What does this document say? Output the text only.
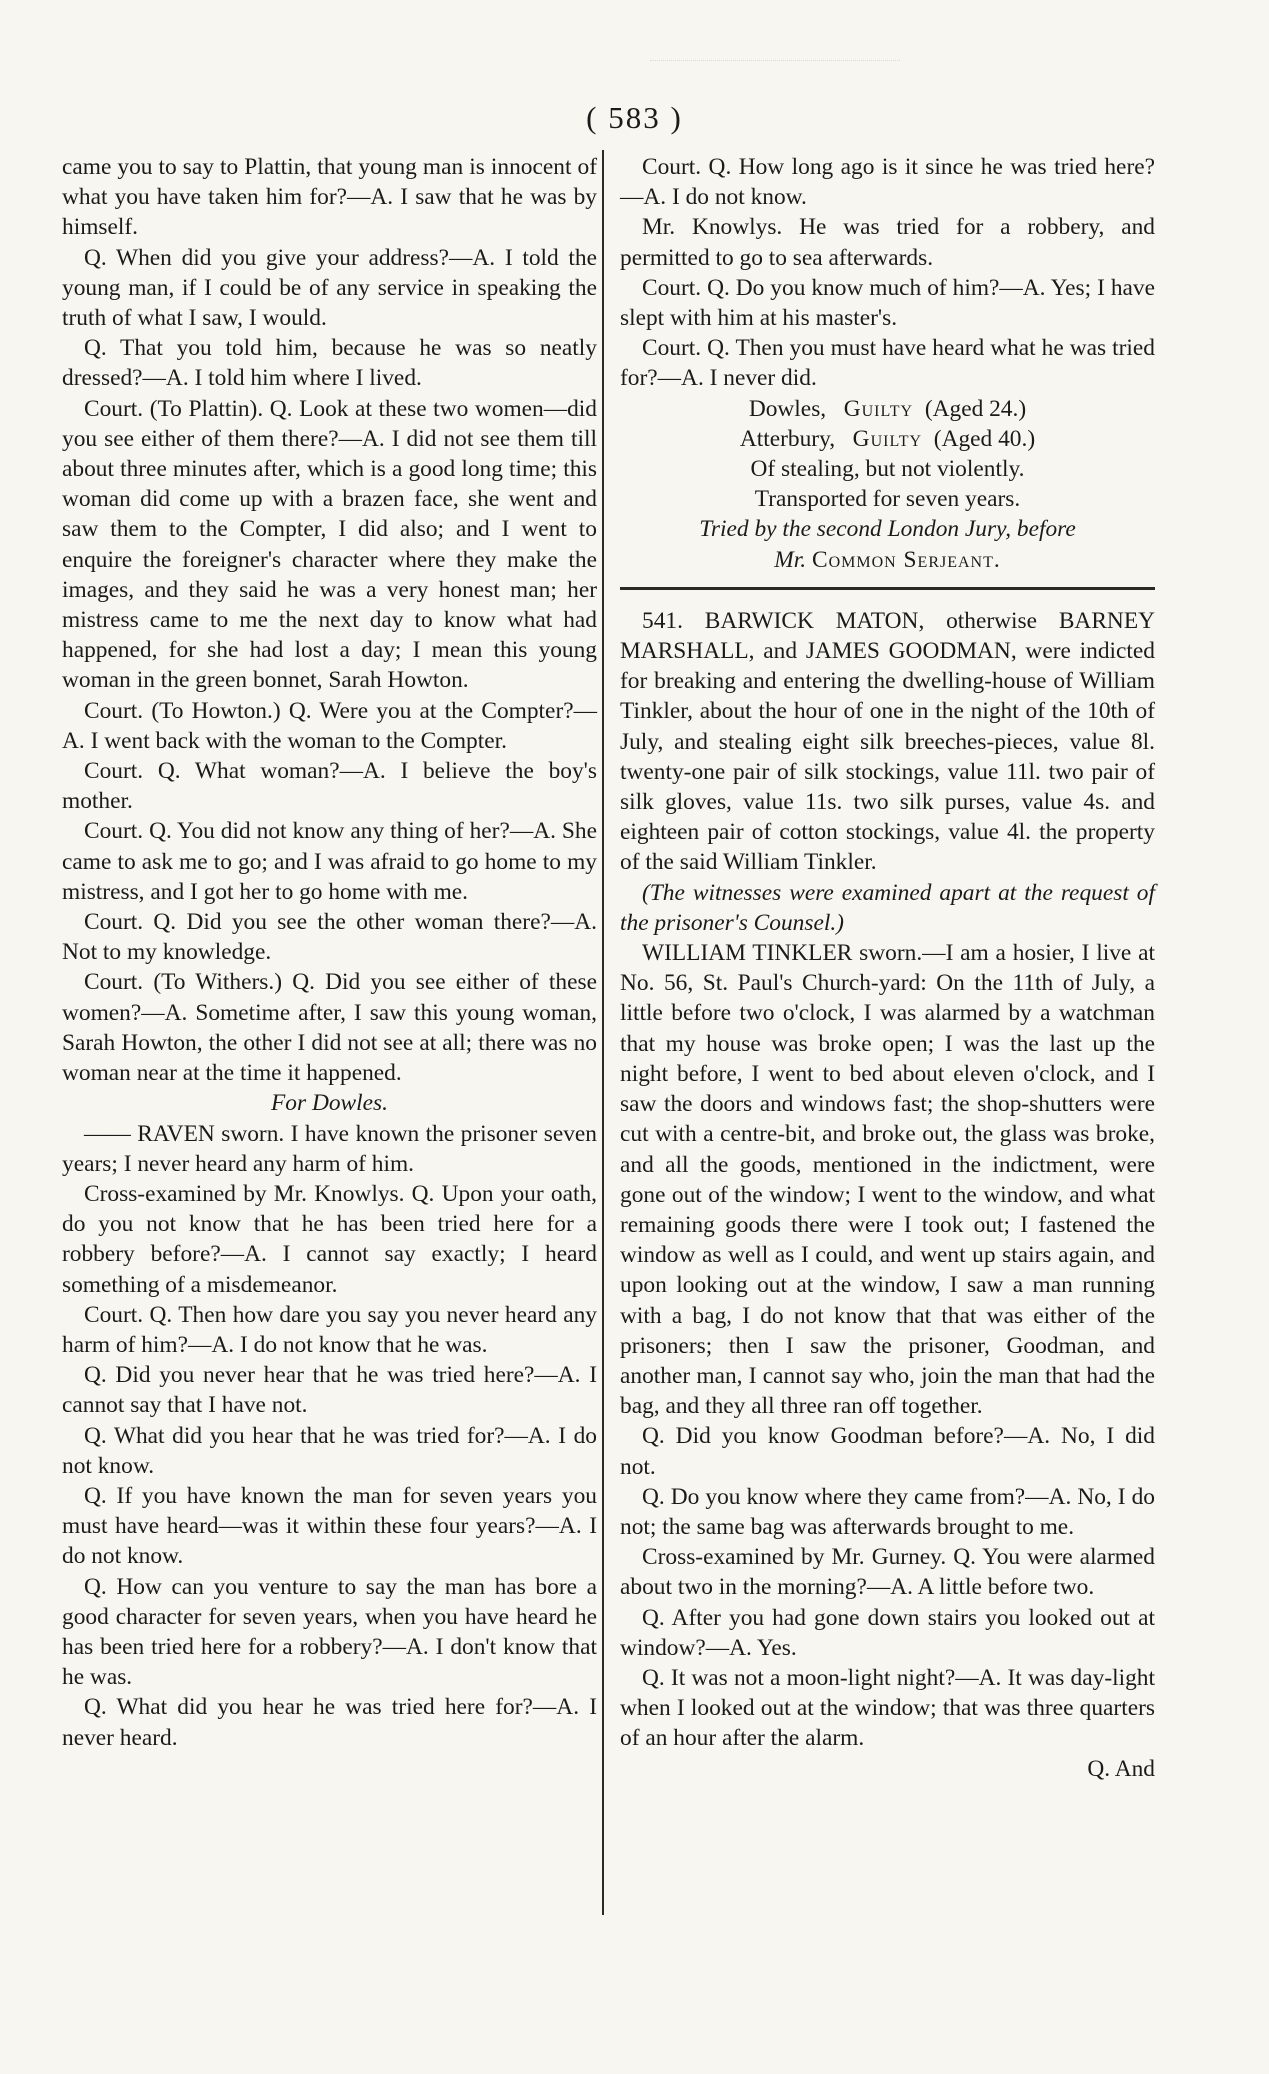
( 583 )

came you to say to Plattin, that young man is innocent of what you have taken him for?—A. I saw that he was by himself.

Q. When did you give your address?—A. I told the young man, if I could be of any service in speaking the truth of what I saw, I would.

Q. That you told him, because he was so neatly dressed?—A. I told him where I lived.

Court. (To Plattin). Q. Look at these two women—did you see either of them there?—A. I did not see them till about three minutes after, which is a good long time; this woman did come up with a brazen face, she went and saw them to the Compter, I did also; and I went to enquire the foreigner's character where they make the images, and they said he was a very honest man; her mistress came to me the next day to know what had happened, for she had lost a day; I mean this young woman in the green bonnet, Sarah Howton.

Court. (To Howton.) Q. Were you at the Compter?—A. I went back with the woman to the Compter.

Court. Q. What woman?—A. I believe the boy's mother.

Court. Q. You did not know any thing of her?—A. She came to ask me to go; and I was afraid to go home to my mistress, and I got her to go home with me.

Court. Q. Did you see the other woman there?—A. Not to my knowledge.

Court. (To Withers.) Q. Did you see either of these women?—A. Sometime after, I saw this young woman, Sarah Howton, the other I did not see at all; there was no woman near at the time it happened.

For Dowles.

—— RAVEN sworn. I have known the prisoner seven years; I never heard any harm of him.

Cross-examined by Mr. Knowlys. Q. Upon your oath, do you not know that he has been tried here for a robbery before?—A. I cannot say exactly; I heard something of a misdemeanor.

Court. Q. Then how dare you say you never heard any harm of him?—A. I do not know that he was.

Q. Did you never hear that he was tried here?—A. I cannot say that I have not.

Q. What did you hear that he was tried for?—A. I do not know.

Q. If you have known the man for seven years you must have heard—was it within these four years?—A. I do not know.

Q. How can you venture to say the man has bore a good character for seven years, when you have heard he has been tried here for a robbery?—A. I don't know that he was.

Q. What did you hear he was tried here for?—A. I never heard.

Court. Q. How long ago is it since he was tried here?—A. I do not know.

Mr. Knowlys. He was tried for a robbery, and permitted to go to sea afterwards.

Court. Q. Do you know much of him?—A. Yes; I have slept with him at his master's.

Court. Q. Then you must have heard what he was tried for?—A. I never did.

Dowles, Guilty (Aged 24.)
Atterbury, Guilty (Aged 40.)
Of stealing, but not violently.
Transported for seven years.
Tried by the second London Jury, before
Mr. Common Serjeant.

541. BARWICK MATON, otherwise BARNEY MARSHALL, and JAMES GOODMAN, were indicted for breaking and entering the dwelling-house of William Tinkler, about the hour of one in the night of the 10th of July, and stealing eight silk breeches-pieces, value 8l. twenty-one pair of silk stockings, value 11l. two pair of silk gloves, value 11s. two silk purses, value 4s. and eighteen pair of cotton stockings, value 4l. the property of the said William Tinkler.

(The witnesses were examined apart at the request of the prisoner's Counsel.)

WILLIAM TINKLER sworn.—I am a hosier, I live at No. 56, St. Paul's Church-yard: On the 11th of July, a little before two o'clock, I was alarmed by a watchman that my house was broke open; I was the last up the night before, I went to bed about eleven o'clock, and I saw the doors and windows fast; the shop-shutters were cut with a centre-bit, and broke out, the glass was broke, and all the goods, mentioned in the indictment, were gone out of the window; I went to the window, and what remaining goods there were I took out; I fastened the window as well as I could, and went up stairs again, and upon looking out at the window, I saw a man running with a bag, I do not know that that was either of the prisoners; then I saw the prisoner, Goodman, and another man, I cannot say who, join the man that had the bag, and they all three ran off together.

Q. Did you know Goodman before?—A. No, I did not.

Q. Do you know where they came from?—A. No, I do not; the same bag was afterwards brought to me.

Cross-examined by Mr. Gurney. Q. You were alarmed about two in the morning?—A. A little before two.

Q. After you had gone down stairs you looked out at window?—A. Yes.

Q. It was not a moon-light night?—A. It was day-light when I looked out at the window; that was three quarters of an hour after the alarm.

Q. And
